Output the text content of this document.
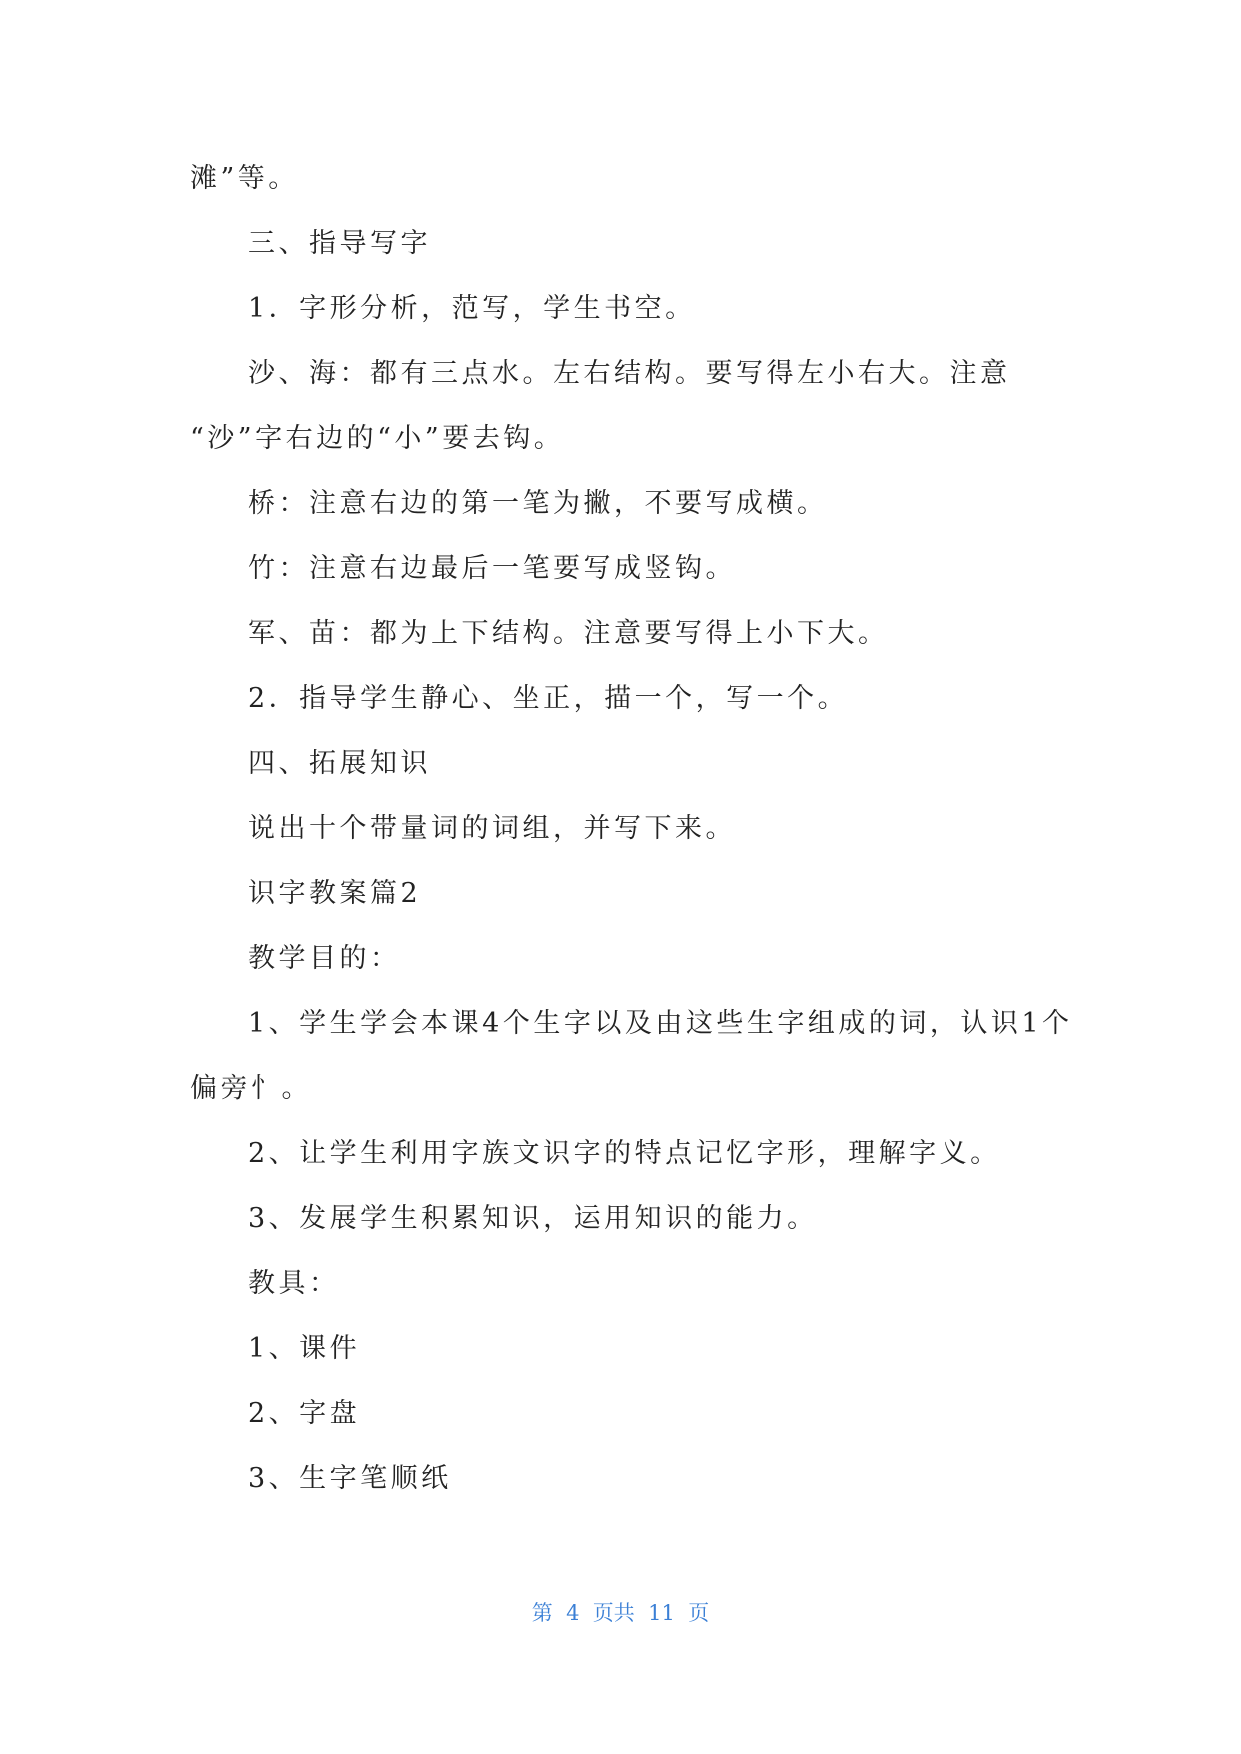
滩”等。
三、指导写字
1．字形分析，范写，学生书空。
沙、海：都有三点水。左右结构。要写得左小右大。注意
“沙”字右边的“小”要去钩。
桥：注意右边的第一笔为撇，不要写成横。
竹：注意右边最后一笔要写成竖钩。
军、苗：都为上下结构。注意要写得上小下大。
2．指导学生静心、坐正，描一个，写一个。
四、拓展知识
说出十个带量词的词组，并写下来。
识字教案篇2
教学目的：
1、学生学会本课4个生字以及由这些生字组成的词，认识1个
偏旁忄。
2、让学生利用字族文识字的特点记忆字形，理解字义。
3、发展学生积累知识，运用知识的能力。
教具：
1、课件
2、字盘
3、生字笔顺纸
第  4  页共  11  页
